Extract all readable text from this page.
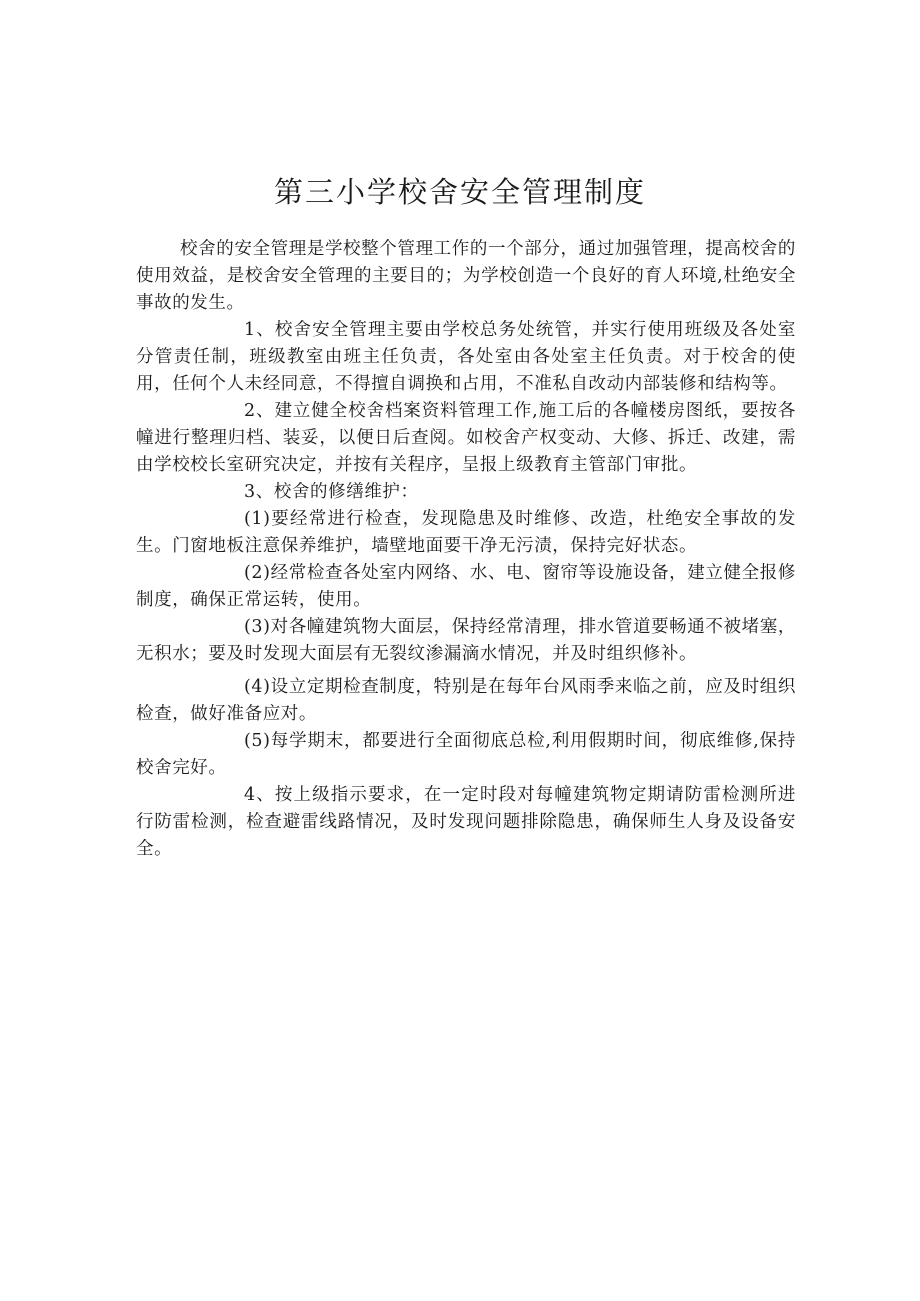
第三小学校舍安全管理制度

校舍的安全管理是学校整个管理工作的一个部分，通过加强管理，提高校舍的使用效益，是校舍安全管理的主要目的；为学校创造一个良好的育人环境,杜绝安全事故的发生。

1、校舍安全管理主要由学校总务处统管，并实行使用班级及各处室分管责任制，班级教室由班主任负责，各处室由各处室主任负责。对于校舍的使用，任何个人未经同意，不得擅自调换和占用，不准私自改动内部装修和结构等。

2、建立健全校舍档案资料管理工作,施工后的各幢楼房图纸，要按各幢进行整理归档、装妥，以便日后查阅。如校舍产权变动、大修、拆迁、改建，需由学校校长室研究决定，并按有关程序，呈报上级教育主管部门审批。

3、校舍的修缮维护：

(1)要经常进行检查，发现隐患及时维修、改造，杜绝安全事故的发生。门窗地板注意保养维护，墙壁地面要干净无污渍，保持完好状态。

(2)经常检查各处室内网络、水、电、窗帘等设施设备，建立健全报修制度，确保正常运转，使用。

(3)对各幢建筑物大面层，保持经常清理，排水管道要畅通不被堵塞，无积水；要及时发现大面层有无裂纹渗漏滴水情况，并及时组织修补。

(4)设立定期检查制度，特别是在每年台风雨季来临之前，应及时组织检查，做好准备应对。

(5)每学期末，都要进行全面彻底总检,利用假期时间，彻底维修,保持校舍完好。

4、按上级指示要求，在一定时段对每幢建筑物定期请防雷检测所进行防雷检测，检查避雷线路情况，及时发现问题排除隐患，确保师生人身及设备安全。
